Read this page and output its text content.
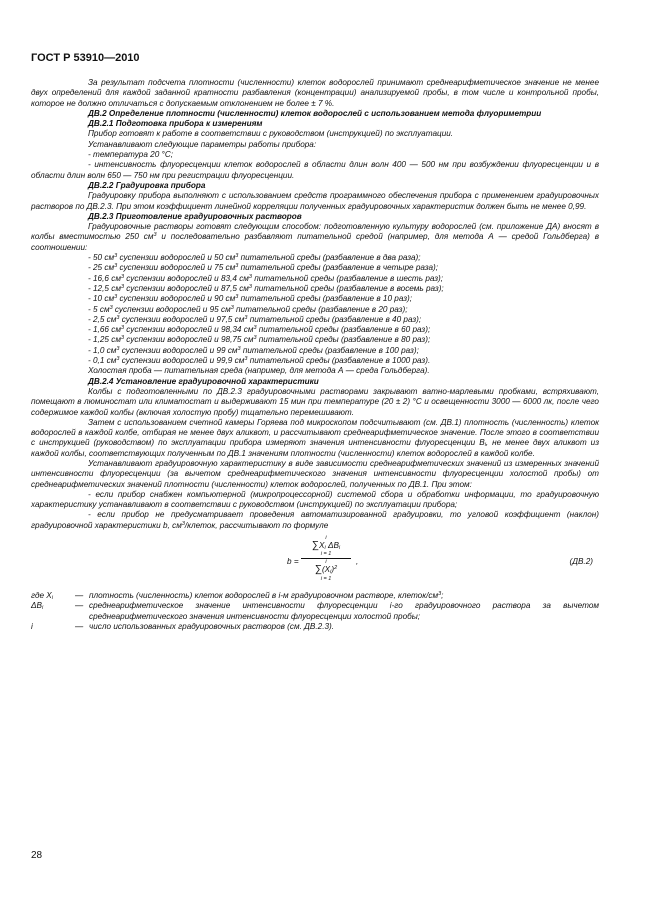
ГОСТ Р 53910—2010

За результат подсчета плотности (численности) клеток водорослей принимают среднеарифметическое значение не менее двух определений для каждой заданной кратности разбавления (концентрации) анализируемой пробы, в том числе и контрольной пробы, которое не должно отличаться с допускаемым отклонением не более ± 7 %.

ДВ.2 Определение плотности (численности) клеток водорослей с использованием метода флуориметрии

ДВ.2.1 Подготовка прибора к измерениям

Прибор готовят к работе в соответствии с руководством (инструкцией) по эксплуатации.

Устанавливают следующие параметры работы прибора:

- температура 20 °С;

- интенсивность флуоресценции клеток водорослей в области длин волн 400 — 500 нм при возбуждении флуоресценции и в области длин волн 650 — 750 нм при регистрации флуоресценции.

ДВ.2.2 Градуировка прибора

Градуировку прибора выполняют с использованием средств программного обеспечения прибора с применением градуировочных растворов по ДВ.2.3. При этом коэффициент линейной корреляции полученных градуировочных характеристик должен быть не менее 0,99.

ДВ.2.3 Приготовление градуировочных растворов

Градуировочные растворы готовят следующим способом: подготовленную культуру водорослей (см. приложение ДА) вносят в колбы вместимостью 250 $см^3$ и последовательно разбавляют питательной средой (например, для метода А — средой Гольдберга) в соотношении:

- 50 $см^3$ суспензии водорослей и 50 $см^3$ питательной среды (разбавление в два раза);

- 25 $см^3$ суспензии водорослей и 75 $см^3$ питательной среды (разбавление в четыре раза);

- 16,6 $см^3$ суспензии водорослей и 83,4 $см^3$ питательной среды (разбавление в шесть раз);

- 12,5 $см^3$ суспензии водорослей и 87,5 $см^3$ питательной среды (разбавление в восемь раз);

- 10 $см^3$ суспензии водорослей и 90 $см^3$ питательной среды (разбавление в 10 раз);

- 5 $см^3$ суспензии водорослей и 95 $см^3$ питательной среды (разбавление в 20 раз);

- 2,5 $см^3$ суспензии водорослей и 97,5 $см^3$ питательной среды (разбавление в 40 раз);

- 1,66 $см^3$ суспензии водорослей и 98,34 $см^3$ питательной среды (разбавление в 60 раз);

- 1,25 $см^3$ суспензии водорослей и 98,75 $см^3$ питательной среды (разбавление в 80 раз);

- 1,0 $см^3$ суспензии водорослей и 99 $см^3$ питательной среды (разбавление в 100 раз);

- 0,1 $см^3$ суспензии водорослей и 99,9 $см^3$ питательной среды (разбавление в 1000 раз).

Холостая проба — питательная среда (например, для метода А — среда Гольдберга).

ДВ.2.4 Установление градуировочной характеристики

Колбы с подготовленными по ДВ.2.3 градуировочными растворами закрывают ватно-марлевыми пробками, встряхивают, помещают в люминостат или климатостат и выдерживают 15 мин при температуре (20 ± 2) °С и освещенности 3000 — 6000 лк, после чего содержимое каждой колбы (включая холостую пробу) тщательно перемешивают.

Затем с использованием счетной камеры Горяева под микроскопом подсчитывают (см. ДВ.1) плотность (численность) клеток водорослей в каждой колбе, отбирая не менее двух аликвот, и рассчитывают среднеарифметическое значение. После этого в соответствии с инструкцией (руководством) по эксплуатации прибора измеряют значения интенсивности флуоресценции $В_i$, не менее двух аликвот из каждой колбы, соответствующих полученным по ДВ.1 значениям плотности (численности) клеток водорослей в каждой колбе.

Устанавливают градуировочную характеристику в виде зависимости среднеарифметических значений из измеренных значений интенсивности флуоресценции (за вычетом среднеарифметического значения интенсивности флуоресценции холостой пробы) от среднеарифметических значений плотности (численности) клеток водорослей, полученных по ДВ.1. При этом:

- если прибор снабжен компьютерной (микропроцессорной) системой сбора и обработки информации, то градуировочную характеристику устанавливают в соответствии с руководством (инструкцией) по эксплуатации прибора;

- если прибор не предусматривает проведения автоматизированной градуировки, то угловой коэффициент (наклон) градуировочной характеристики b, $см^3$/клеток, рассчитывают по формуле

b =
i
$\sum X_i$ $\Delta B_i$
i = 1
i
$\sum(X_i)^2$
i = 1
,	(ДВ.2)
где $X_i$	— плотность (численность) клеток водорослей в i-м градуировочном растворе, клеток/$см^3$;
$\Delta B_i$	— среднеарифметическое значение интенсивности флуоресценции i-го градуировочного раствора за вычетом среднеарифметического значения интенсивности флуоресценции холостой пробы;
i	— число использованных градуировочных растворов (см. ДВ.2.3).
28
